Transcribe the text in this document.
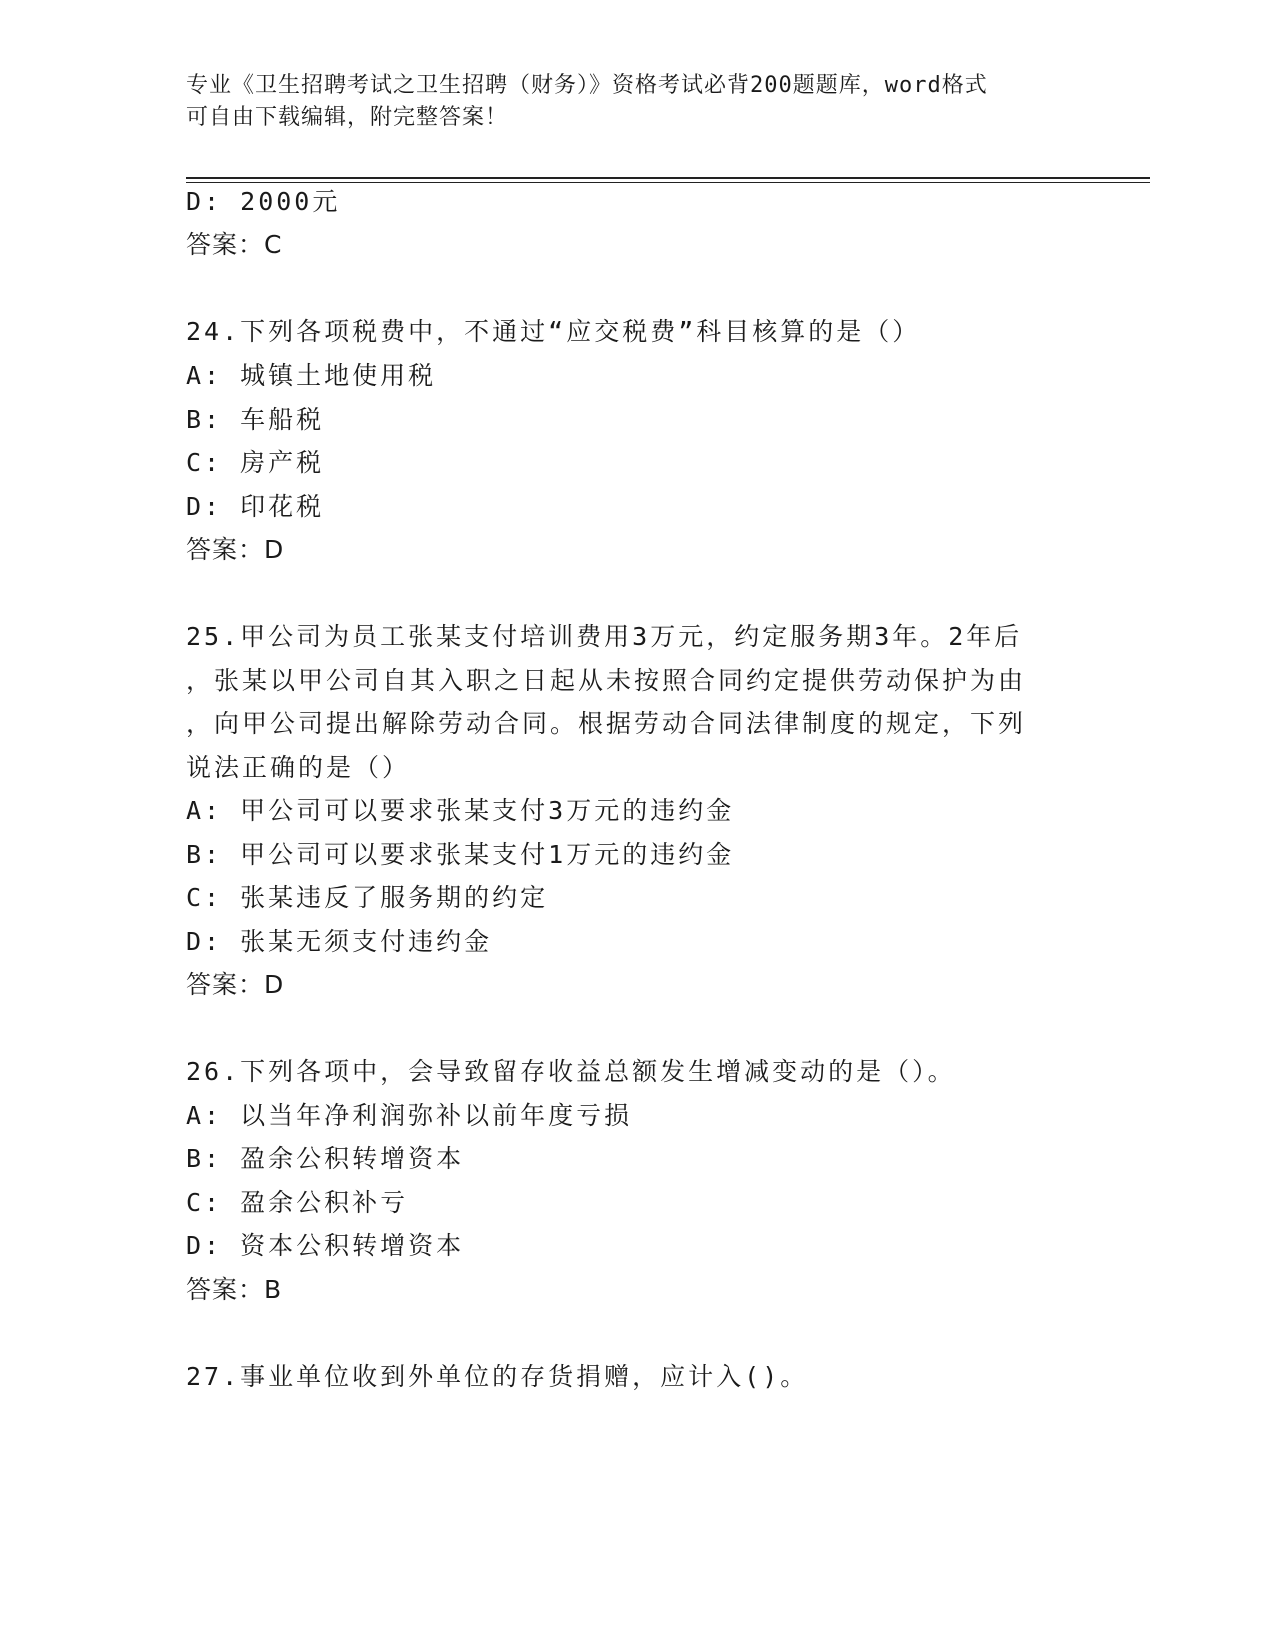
专业《卫生招聘考试之卫生招聘（财务）》资格考试必背200题题库，word格式
可自由下载编辑，附完整答案！
D: 2000元
答案：C
24.下列各项税费中，不通过“应交税费”科目核算的是（）
A: 城镇土地使用税
B: 车船税
C: 房产税
D: 印花税
答案：D
25.甲公司为员工张某支付培训费用3万元，约定服务期3年。2年后
，张某以甲公司自其入职之日起从未按照合同约定提供劳动保护为由
，向甲公司提出解除劳动合同。根据劳动合同法律制度的规定，下列
说法正确的是（）
A: 甲公司可以要求张某支付3万元的违约金
B: 甲公司可以要求张某支付1万元的违约金
C: 张某违反了服务期的约定
D: 张某无须支付违约金
答案：D
26.下列各项中，会导致留存收益总额发生增减变动的是（）。
A: 以当年净利润弥补以前年度亏损
B: 盈余公积转增资本
C: 盈余公积补亏
D: 资本公积转增资本
答案：B
27.事业单位收到外单位的存货捐赠，应计入()。
